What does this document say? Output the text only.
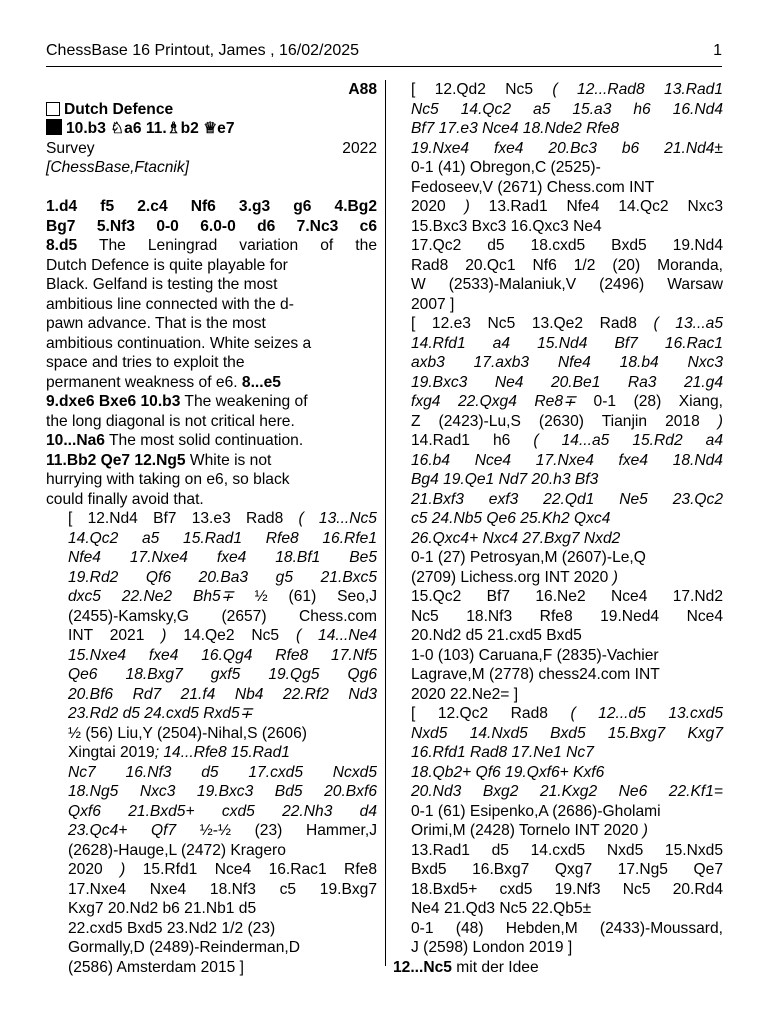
ChessBase 16 Printout, James , 16/02/2025	1
A88
Dutch Defence
10.b3 ♘a6 11.♗b2 ♕e7
Survey	2022
[ChessBase,Ftacnik]
1.d4 f5 2.c4 Nf6 3.g3 g6 4.Bg2
Bg7 5.Nf3 0-0 6.0-0 d6 7.Nc3 c6
8.d5 The Leningrad variation of the
Dutch Defence is quite playable for
Black. Gelfand is testing the most
ambitious line connected with the d-
pawn advance. That is the most
ambitious continuation. White seizes a
space and tries to exploit the
permanent weakness of e6. 8...e5
9.dxe6 Bxe6 10.b3 The weakening of
the long diagonal is not critical here.
10...Na6 The most solid continuation.
11.Bb2 Qe7 12.Ng5 White is not
hurrying with taking on e6, so black
could finally avoid that.
[ 12.Nd4 Bf7 13.e3 Rad8 ( 13...Nc5
14.Qc2 a5 15.Rad1 Rfe8 16.Rfe1
Nfe4 17.Nxe4 fxe4 18.Bf1 Be5
19.Rd2 Qf6 20.Ba3 g5 21.Bxc5
dxc5 22.Ne2 Bh5∓ ½ (61) Seo,J
(2455)-Kamsky,G (2657) Chess.com
INT 2021 ) 14.Qe2 Nc5 ( 14...Ne4
15.Nxe4 fxe4 16.Qg4 Rfe8 17.Nf5
Qe6 18.Bxg7 gxf5 19.Qg5 Qg6
20.Bf6 Rd7 21.f4 Nb4 22.Rf2 Nd3
23.Rd2 d5 24.cxd5 Rxd5∓
½ (56) Liu,Y (2504)-Nihal,S (2606)
Xingtai 2019; 14...Rfe8 15.Rad1
Nc7 16.Nf3 d5 17.cxd5 Ncxd5
18.Ng5 Nxc3 19.Bxc3 Bd5 20.Bxf6
Qxf6 21.Bxd5+ cxd5 22.Nh3 d4
23.Qc4+ Qf7 ½-½ (23) Hammer,J
(2628)-Hauge,L (2472) Kragero
2020 ) 15.Rfd1 Nce4 16.Rac1 Rfe8
17.Nxe4 Nxe4 18.Nf3 c5 19.Bxg7
Kxg7 20.Nd2 b6 21.Nb1 d5
22.cxd5 Bxd5 23.Nd2 1/2 (23)
Gormally,D (2489)-Reinderman,D
(2586) Amsterdam 2015 ]
[ 12.Qd2 Nc5 ( 12...Rad8 13.Rad1
Nc5 14.Qc2 a5 15.a3 h6 16.Nd4
Bf7 17.e3 Nce4 18.Nde2 Rfe8
19.Nxe4 fxe4 20.Bc3 b6 21.Nd4±
0-1 (41) Obregon,C (2525)-
Fedoseev,V (2671) Chess.com INT
2020 ) 13.Rad1 Nfe4 14.Qc2 Nxc3
15.Bxc3 Bxc3 16.Qxc3 Ne4
17.Qc2 d5 18.cxd5 Bxd5 19.Nd4
Rad8 20.Qc1 Nf6 1/2 (20) Moranda,
W (2533)-Malaniuk,V (2496) Warsaw
2007 ]
[ 12.e3 Nc5 13.Qe2 Rad8 ( 13...a5
14.Rfd1 a4 15.Nd4 Bf7 16.Rac1
axb3 17.axb3 Nfe4 18.b4 Nxc3
19.Bxc3 Ne4 20.Be1 Ra3 21.g4
fxg4 22.Qxg4 Re8∓ 0-1 (28) Xiang,
Z (2423)-Lu,S (2630) Tianjin 2018 )
14.Rad1 h6 ( 14...a5 15.Rd2 a4
16.b4 Nce4 17.Nxe4 fxe4 18.Nd4
Bg4 19.Qe1 Nd7 20.h3 Bf3
21.Bxf3 exf3 22.Qd1 Ne5 23.Qc2
c5 24.Nb5 Qe6 25.Kh2 Qxc4
26.Qxc4+ Nxc4 27.Bxg7 Nxd2
0-1 (27) Petrosyan,M (2607)-Le,Q
(2709) Lichess.org INT 2020 )
15.Qc2 Bf7 16.Ne2 Nce4 17.Nd2
Nc5 18.Nf3 Rfe8 19.Ned4 Nce4
20.Nd2 d5 21.cxd5 Bxd5
1-0 (103) Caruana,F (2835)-Vachier
Lagrave,M (2778) chess24.com INT
2020 22.Ne2= ]
[ 12.Qc2 Rad8 ( 12...d5 13.cxd5
Nxd5 14.Nxd5 Bxd5 15.Bxg7 Kxg7
16.Rfd1 Rad8 17.Ne1 Nc7
18.Qb2+ Qf6 19.Qxf6+ Kxf6
20.Nd3 Bxg2 21.Kxg2 Ne6 22.Kf1=
0-1 (61) Esipenko,A (2686)-Gholami
Orimi,M (2428) Tornelo INT 2020 )
13.Rad1 d5 14.cxd5 Nxd5 15.Nxd5
Bxd5 16.Bxg7 Qxg7 17.Ng5 Qe7
18.Bxd5+ cxd5 19.Nf3 Nc5 20.Rd4
Ne4 21.Qd3 Nc5 22.Qb5±
0-1 (48) Hebden,M (2433)-Moussard,
J (2598) London 2019 ]
12...Nc5 mit der Idee
